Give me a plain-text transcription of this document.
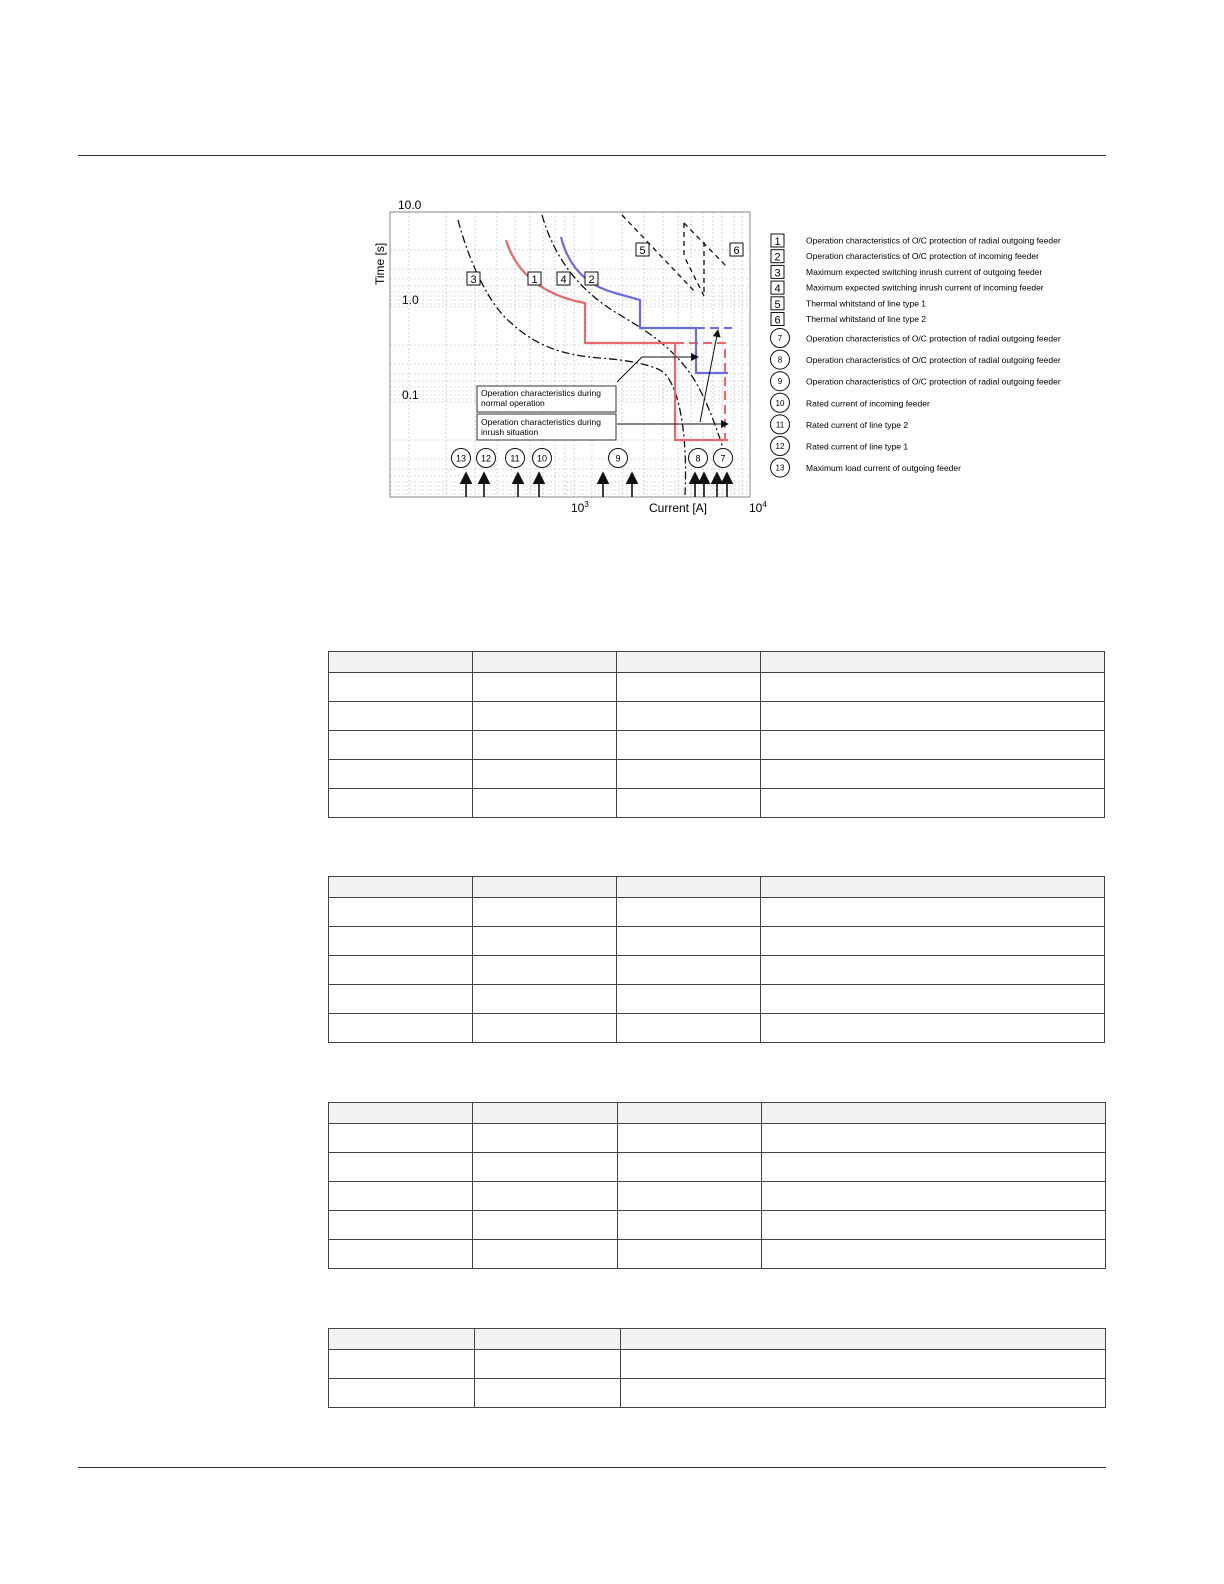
Operation characteristics during
normal operation
Operation characteristics during
inrush situation
3	1 4 2
5	6
13 12 11 10	9	8 7
10.0
1.0
0.1
Time [s]
$10^3$	$10^4$
Current [A]
1	Operation characteristics of O/C protection of radial outgoing feeder
2	Operation characteristics of O/C protection of incoming feeder
3	Maximum expected switching inrush current of outgoing feeder
4	Maximum expected switching inrush current of incoming feeder
5	Thermal whitstand of line type 1
6	Thermal whitstand of line type 2
7	Operation characteristics of O/C protection of radial outgoing feeder
8	Operation characteristics of O/C protection of radial outgoing feeder
9	Operation characteristics of O/C protection of radial outgoing feeder
10	Rated current of incoming feeder
11	Rated current of line type 2
12	Rated current of line type 1
13	Maximum load current of outgoing feeder
